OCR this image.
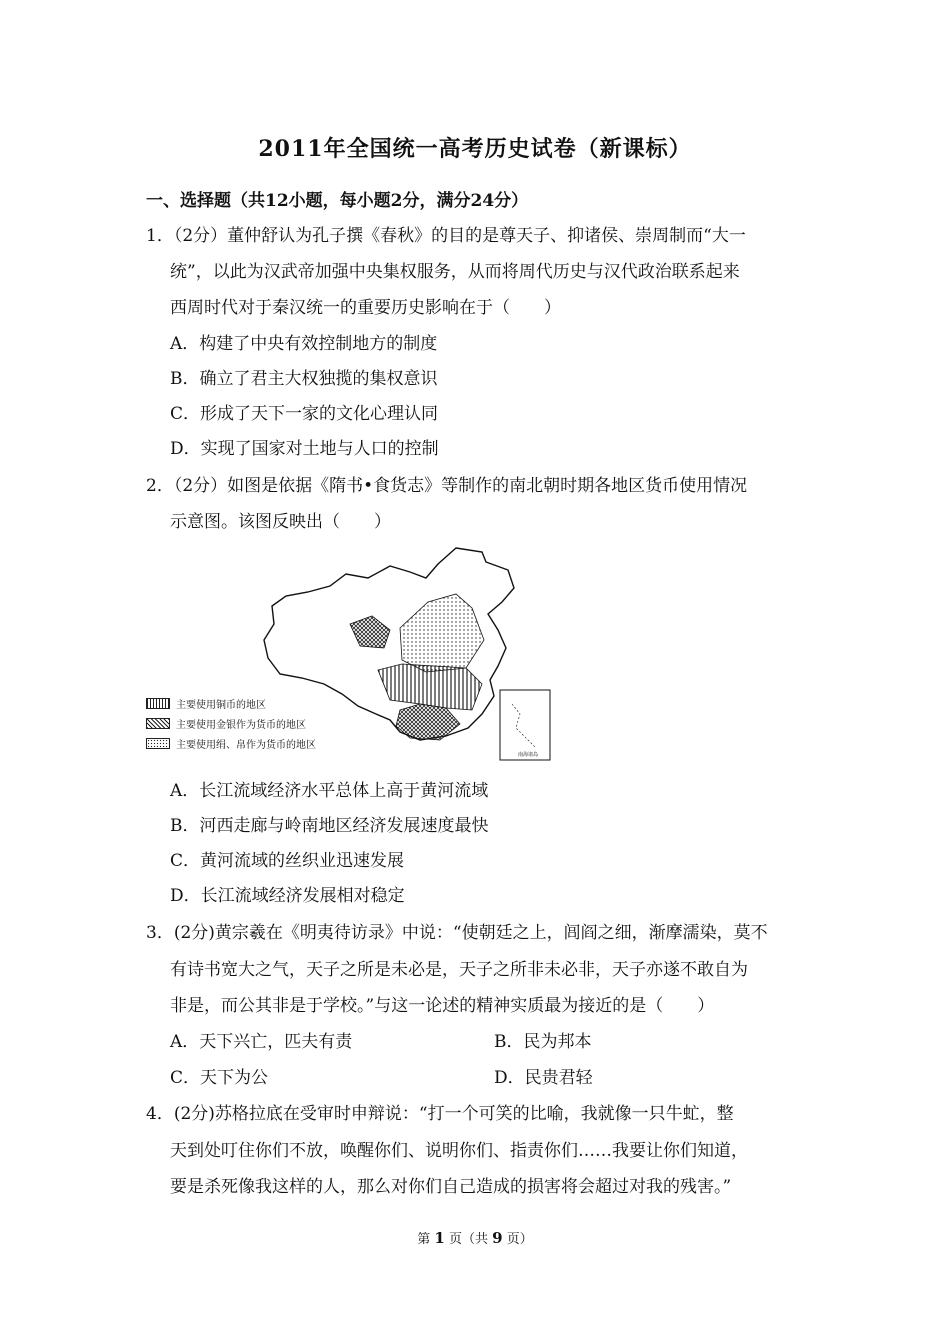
2011年全国统一高考历史试卷（新课标）
一、选择题（共12小题，每小题2分，满分24分）
1．（2分）董仲舒认为孔子撰《春秋》的目的是尊天子、抑诸侯、崇周制而“大一
统”，以此为汉武帝加强中央集权服务，从而将周代历史与汉代政治联系起来
西周时代对于秦汉统一的重要历史影响在于（　　）
A．构建了中央有效控制地方的制度
B．确立了君主大权独揽的集权意识
C．形成了天下一家的文化心理认同
D．实现了国家对土地与人口的控制
2．（2分）如图是依据《隋书•食货志》等制作的南北朝时期各地区货币使用情况
示意图。该图反映出（　　）
南海诸岛
主要使用铜币的地区
主要使用金银作为货币的地区
主要使用绢、帛作为货币的地区
A．长江流域经济水平总体上高于黄河流域
B．河西走廊与岭南地区经济发展速度最快
C．黄河流域的丝织业迅速发展
D．长江流域经济发展相对稳定
3．(2分)黄宗羲在《明夷待访录》中说：“使朝廷之上，闾阎之细，渐摩濡染，莫不
有诗书宽大之气，天子之所是未必是，天子之所非未必非，天子亦遂不敢自为
非是，而公其非是于学校。”与这一论述的精神实质最为接近的是（　　）
A．天下兴亡，匹夫有责	B．民为邦本
C．天下为公	D．民贵君轻
4．(2分)苏格拉底在受审时申辩说：“打一个可笑的比喻，我就像一只牛虻，整
天到处叮住你们不放，唤醒你们、说明你们、指责你们……我要让你们知道，
要是杀死像我这样的人，那么对你们自己造成的损害将会超过对我的残害。”
第 1 页（共 9 页）
